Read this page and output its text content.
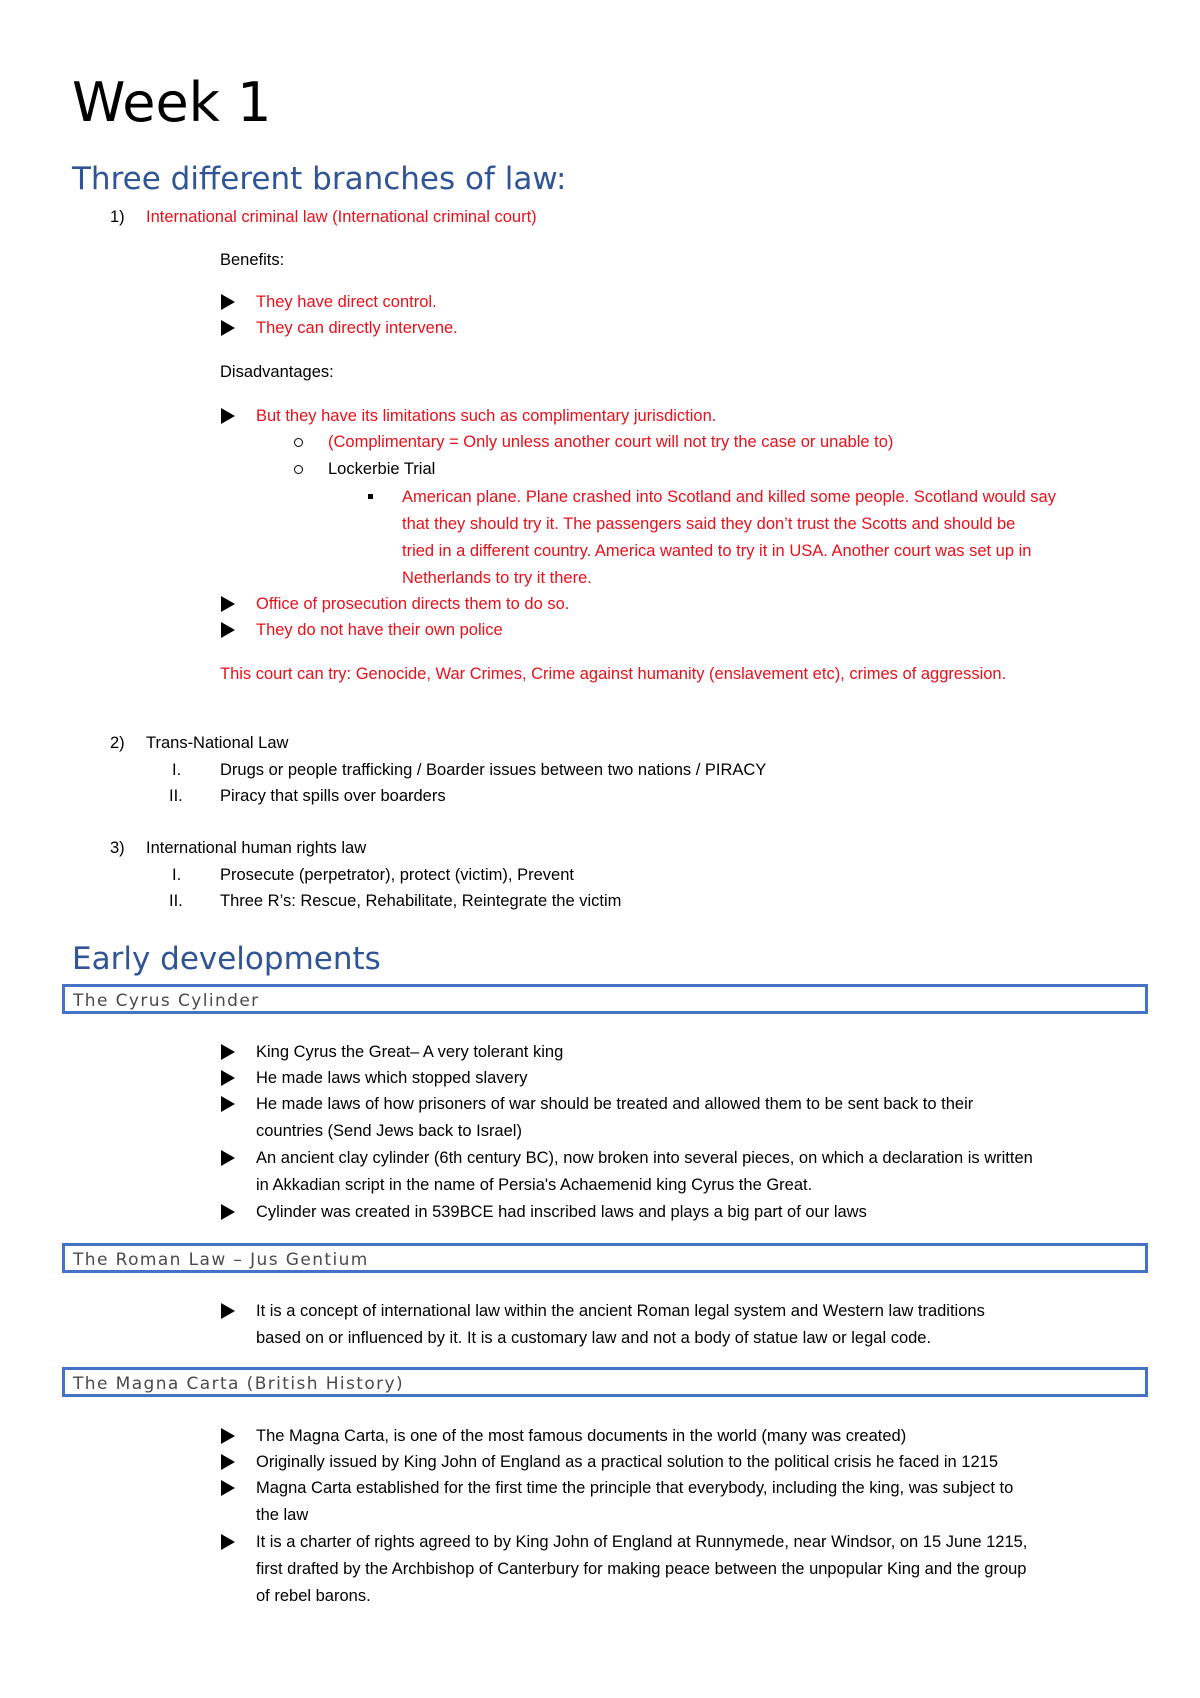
Week 1
Three different branches of law:
1) International criminal law (International criminal court)
Benefits:
They have direct control.
They can directly intervene.
Disadvantages:
But they have its limitations such as complimentary jurisdiction.
(Complimentary = Only unless another court will not try the case or unable to)
Lockerbie Trial
American plane. Plane crashed into Scotland and killed some people. Scotland would say
that they should try it. The passengers said they don’t trust the Scotts and should be
tried in a different country. America wanted to try it in USA. Another court was set up in
Netherlands to try it there.
Office of prosecution directs them to do so.
They do not have their own police
This court can try: Genocide, War Crimes, Crime against humanity (enslavement etc), crimes of aggression.
2) Trans-National Law
I. Drugs or people trafficking / Boarder issues between two nations / PIRACY
II. Piracy that spills over boarders
3) International human rights law
I. Prosecute (perpetrator), protect (victim), Prevent
II. Three R’s: Rescue, Rehabilitate, Reintegrate the victim
Early developments
The Cyrus Cylinder
King Cyrus the Great– A very tolerant king
He made laws which stopped slavery
He made laws of how prisoners of war should be treated and allowed them to be sent back to their
countries (Send Jews back to Israel)
An ancient clay cylinder (6th century BC), now broken into several pieces, on which a declaration is written
in Akkadian script in the name of Persia's Achaemenid king Cyrus the Great.
Cylinder was created in 539BCE had inscribed laws and plays a big part of our laws
The Roman Law – Jus Gentium
It is a concept of international law within the ancient Roman legal system and Western law traditions
based on or influenced by it. It is a customary law and not a body of statue law or legal code.
The Magna Carta (British History)
The Magna Carta, is one of the most famous documents in the world (many was created)
Originally issued by King John of England as a practical solution to the political crisis he faced in 1215
Magna Carta established for the first time the principle that everybody, including the king, was subject to
the law
It is a charter of rights agreed to by King John of England at Runnymede, near Windsor, on 15 June 1215,
first drafted by the Archbishop of Canterbury for making peace between the unpopular King and the group
of rebel barons.
